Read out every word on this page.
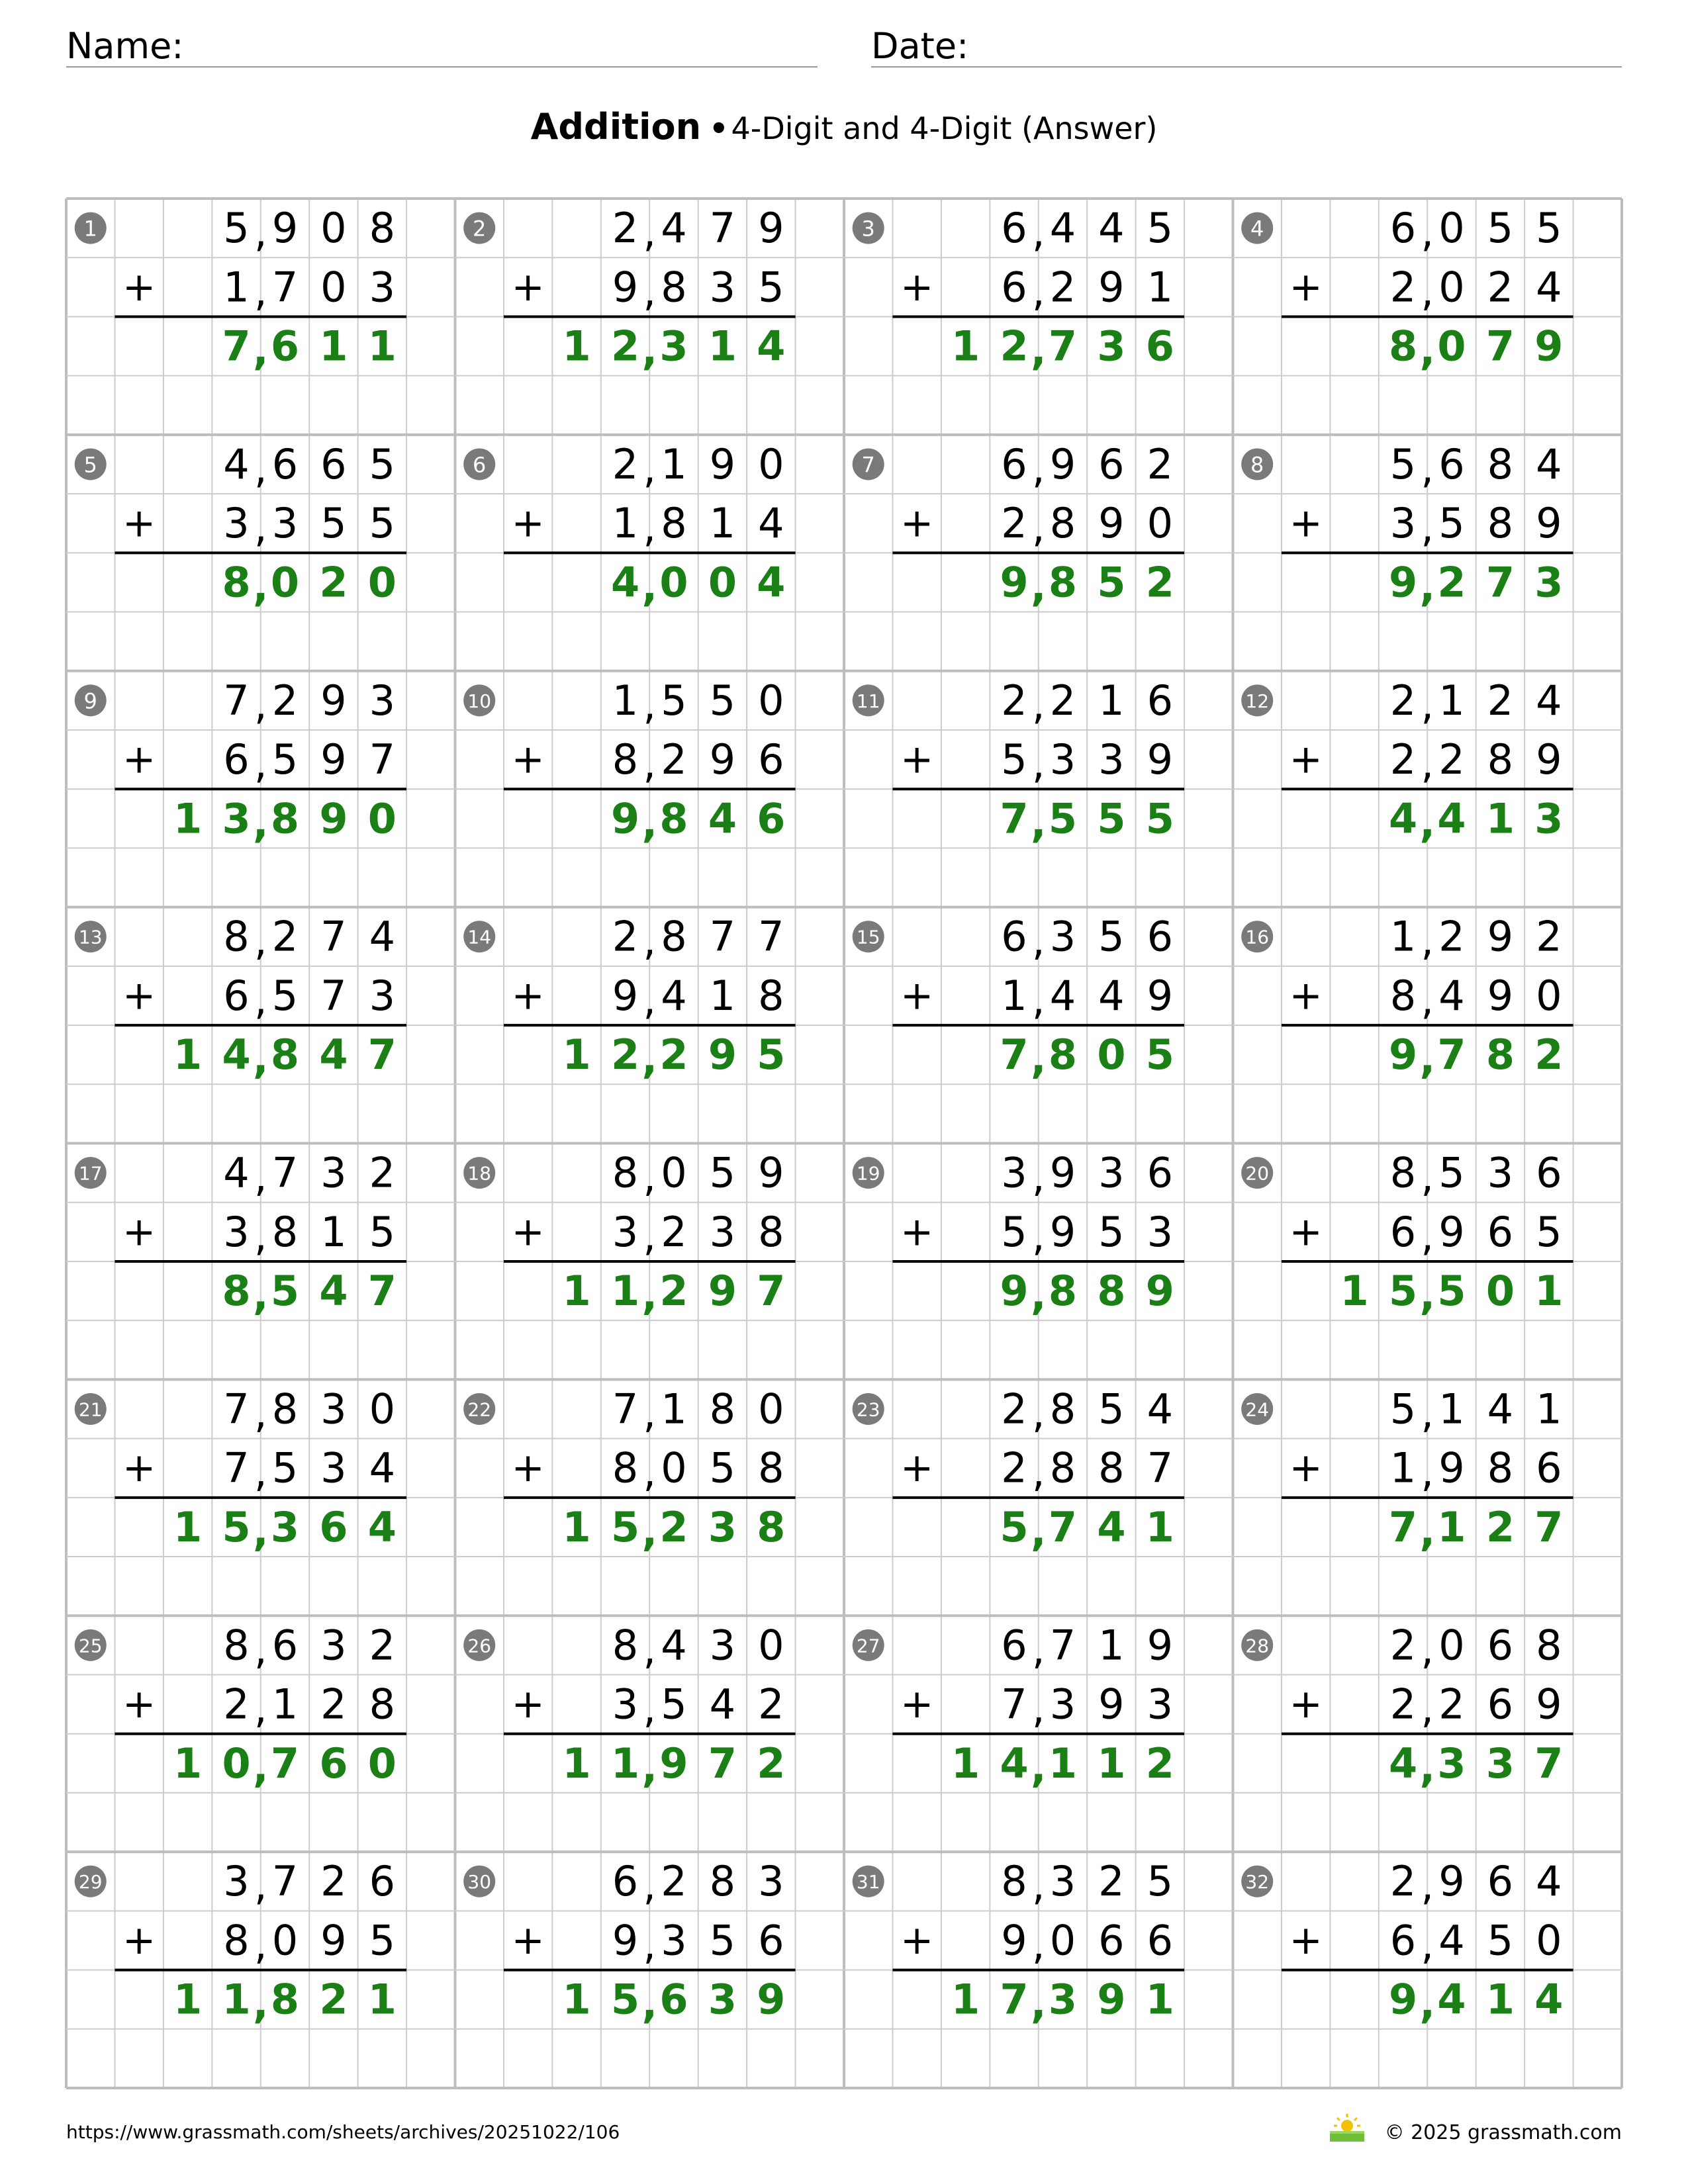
Name:	Date:
Addition •4-Digit and 4-Digit (Answer)
1
+
5 , 9 0 8
1 , 7 0 3
7 , 6 1 1
2
+
2 , 4 7 9
9 , 8 3 5
1 2 , 3 1 4
3
+
6 , 4 4 5
6 , 2 9 1
1 2 , 7 3 6
4
+
6 , 0 5 5
2 , 0 2 4
8 , 0 7 9
5
+
4 , 6 6 5
3 , 3 5 5
8 , 0 2 0
6
+
2 , 1 9 0
1 , 8 1 4
4 , 0 0 4
7
+
6 , 9 6 2
2 , 8 9 0
9 , 8 5 2
8
+
5 , 6 8 4
3 , 5 8 9
9 , 2 7 3
9
+
7 , 2 9 3
6 , 5 9 7
1 3 , 8 9 0
10
+
1 , 5 5 0
8 , 2 9 6
9 , 8 4 6
11
+
2 , 2 1 6
5 , 3 3 9
7 , 5 5 5
12
+
2 , 1 2 4
2 , 2 8 9
4 , 4 1 3
13
+
8 , 2 7 4
6 , 5 7 3
1 4 , 8 4 7
14
+
2 , 8 7 7
9 , 4 1 8
1 2 , 2 9 5
15
+
6 , 3 5 6
1 , 4 4 9
7 , 8 0 5
16
+
1 , 2 9 2
8 , 4 9 0
9 , 7 8 2
17
+
4 , 7 3 2
3 , 8 1 5
8 , 5 4 7
18
+
8 , 0 5 9
3 , 2 3 8
1 1 , 2 9 7
19
+
3 , 9 3 6
5 , 9 5 3
9 , 8 8 9
20
+
8 , 5 3 6
6 , 9 6 5
1 5 , 5 0 1
21
+
7 , 8 3 0
7 , 5 3 4
1 5 , 3 6 4
22
+
7 , 1 8 0
8 , 0 5 8
1 5 , 2 3 8
23
+
2 , 8 5 4
2 , 8 8 7
5 , 7 4 1
24
+
5 , 1 4 1
1 , 9 8 6
7 , 1 2 7
25
+
8 , 6 3 2
2 , 1 2 8
1 0 , 7 6 0
26
+
8 , 4 3 0
3 , 5 4 2
1 1 , 9 7 2
27
+
6 , 7 1 9
7 , 3 9 3
1 4 , 1 1 2
28
+
2 , 0 6 8
2 , 2 6 9
4 , 3 3 7
29
+
3 , 7 2 6
8 , 0 9 5
1 1 , 8 2 1
30
+
6 , 2 8 3
9 , 3 5 6
1 5 , 6 3 9
31
+
8 , 3 2 5
9 , 0 6 6
1 7 , 3 9 1
32
+
2 , 9 6 4
6 , 4 5 0
9 , 4 1 4
https://www.grassmath.com/sheets/archives/20251022/106	© 2025 grassmath.com
